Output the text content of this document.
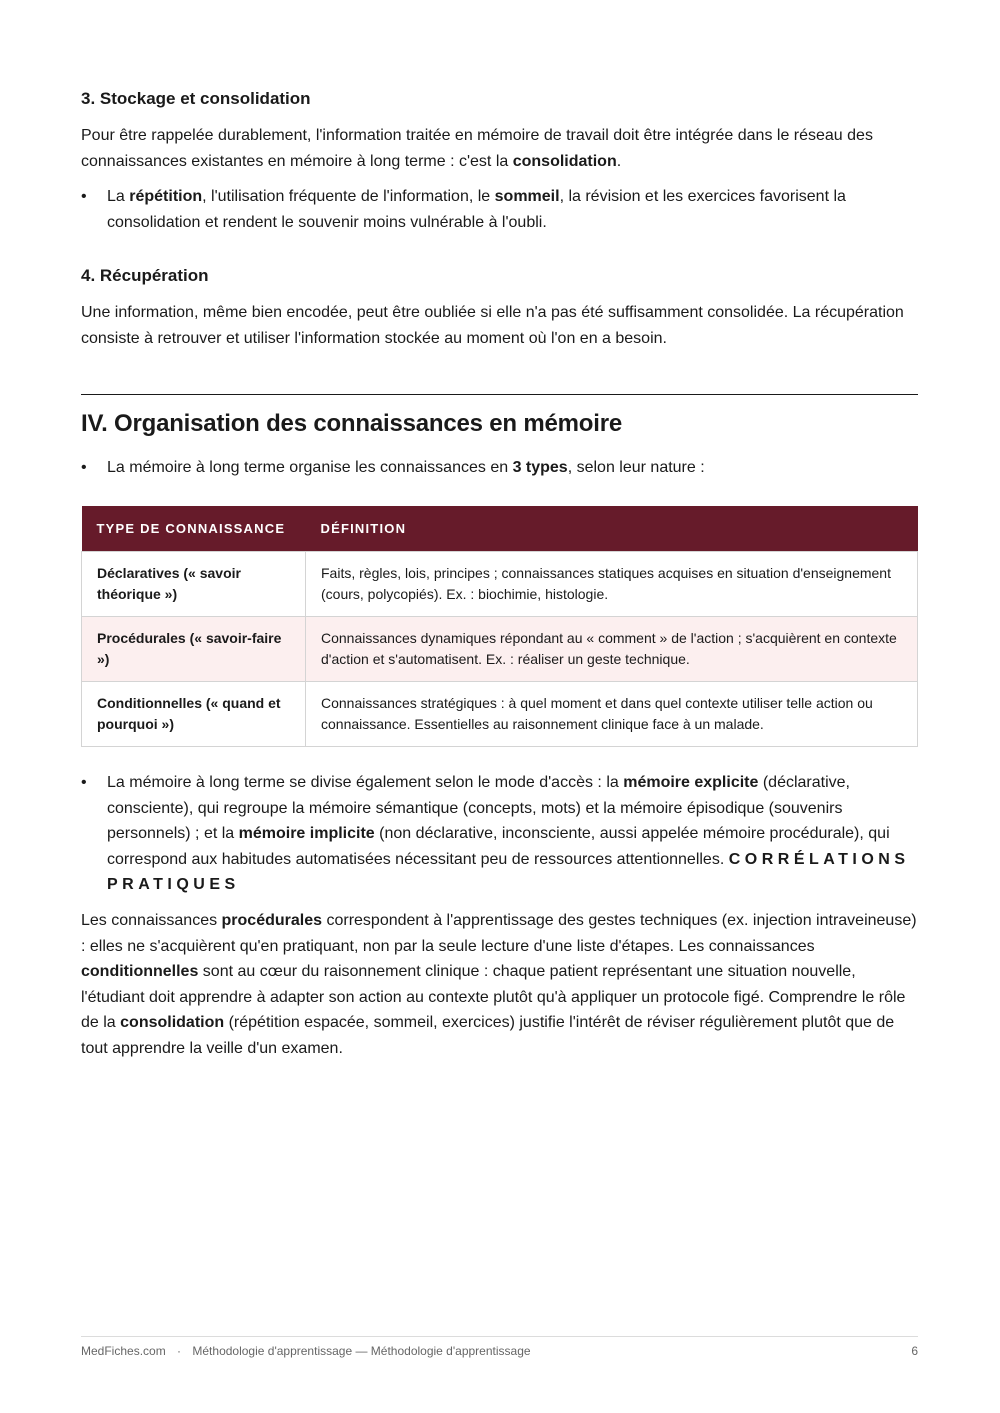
3. Stockage et consolidation

Pour être rappelée durablement, l'information traitée en mémoire de travail doit être intégrée dans le réseau des connaissances existantes en mémoire à long terme : c'est la consolidation.

• La répétition, l'utilisation fréquente de l'information, le sommeil, la révision et les exercices favorisent la consolidation et rendent le souvenir moins vulnérable à l'oubli.
4. Récupération

Une information, même bien encodée, peut être oubliée si elle n'a pas été suffisamment consolidée. La récupération consiste à retrouver et utiliser l'information stockée au moment où l'on en a besoin.

IV. Organisation des connaissances en mémoire
• La mémoire à long terme organise les connaissances en 3 types, selon leur nature :
TYPE DE CONNAISSANCE	DÉFINITION
Déclaratives (« savoir théorique »)	Faits, règles, lois, principes ; connaissances statiques acquises en situation d'enseignement (cours, polycopiés). Ex. : biochimie, histologie.
Procédurales (« savoir-faire »)	Connaissances dynamiques répondant au « comment » de l'action ; s'acquièrent en contexte d'action et s'automatisent. Ex. : réaliser un geste technique.
Conditionnelles (« quand et pourquoi »)	Connaissances stratégiques : à quel moment et dans quel contexte utiliser telle action ou connaissance. Essentielles au raisonnement clinique face à un malade.
• La mémoire à long terme se divise également selon le mode d'accès : la mémoire explicite (déclarative, consciente), qui regroupe la mémoire sémantique (concepts, mots) et la mémoire épisodique (souvenirs personnels) ; et la mémoire implicite (non déclarative, inconsciente, aussi appelée mémoire procédurale), qui correspond aux habitudes automatisées nécessitant peu de ressources attentionnelles. CORRÉLATIONS PRATIQUES

Les connaissances procédurales correspondent à l'apprentissage des gestes techniques (ex. injection intraveineuse) : elles ne s'acquièrent qu'en pratiquant, non par la seule lecture d'une liste d'étapes. Les connaissances conditionnelles sont au cœur du raisonnement clinique : chaque patient représentant une situation nouvelle, l'étudiant doit apprendre à adapter son action au contexte plutôt qu'à appliquer un protocole figé. Comprendre le rôle de la consolidation (répétition espacée, sommeil, exercices) justifie l'intérêt de réviser régulièrement plutôt que de tout apprendre la veille d'un examen.

MedFiches.com · Méthodologie d'apprentissage — Méthodologie d'apprentissage	6
